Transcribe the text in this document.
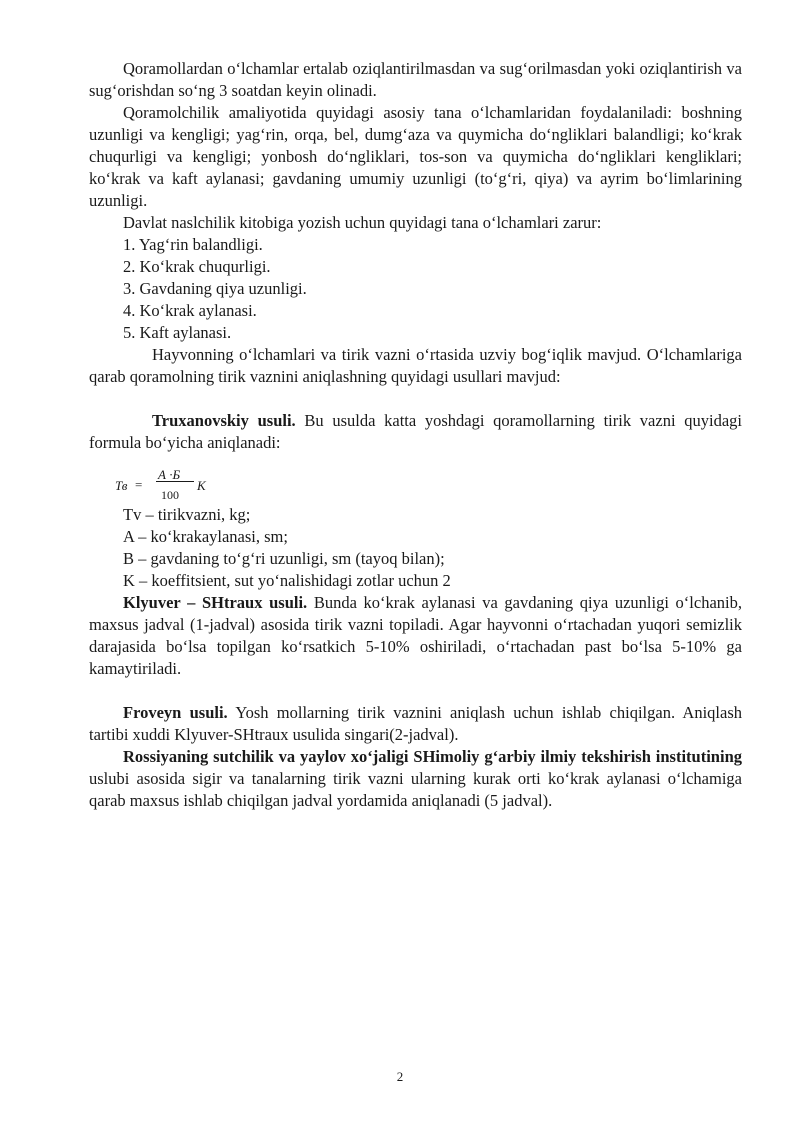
Qoramollardan oʻlchamlar ertalab oziqlantirilmasdan va sugʻorilmasdan yoki oziqlantirish va sugʻorishdan soʻng 3 soatdan keyin olinadi.

Qoramolchilik amaliyotida quyidagi asosiy tana oʻlchamlaridan foydalaniladi: boshning uzunligi va kengligi; yagʻrin, orqa, bel, dumgʻaza va quymicha doʻngliklari balandligi; koʻkrak chuqurligi va kengligi; yonbosh doʻngliklari, tos-son va quymicha doʻngliklari kengliklari; koʻkrak va kaft aylanasi; gavdaning umumiy uzunligi (toʻgʻri, qiya) va ayrim boʻlimlarining uzunligi.

Davlat naslchilik kitobiga yozish uchun quyidagi tana oʻlchamlari zarur:

1. Yagʻrin balandligi.

2. Koʻkrak chuqurligi.

3. Gavdaning qiya uzunligi.

4. Koʻkrak aylanasi.

5. Kaft aylanasi.

Hayvonning oʻlchamlari va tirik vazni oʻrtasida uzviy bogʻiqlik mavjud. Oʻlchamlariga qarab qoramolning tirik vaznini aniqlashning quyidagi usullari mavjud:

Truxanovskiy usuli. Bu usulda katta yoshdagi qoramollarning tirik vazni quyidagi formula boʻyicha aniqlanadi:

Тв =
А ·Б
100
К

Tv – tirikvazni, kg;

A – koʻkrakaylanasi, sm;

B – gavdaning toʻgʻri uzunligi, sm (tayoq bilan);

K – koeffitsient, sut yoʻnalishidagi zotlar uchun 2

Klyuver – SHtraux usuli. Bunda koʻkrak aylanasi va gavdaning qiya uzunligi oʻlchanib, maxsus jadval (1-jadval) asosida tirik vazni topiladi. Agar hayvonni oʻrtachadan yuqori semizlik darajasida boʻlsa topilgan koʻrsatkich 5-10% oshiriladi, oʻrtachadan past boʻlsa 5-10% ga kamaytiriladi.

Froveyn usuli. Yosh mollarning tirik vaznini aniqlash uchun ishlab chiqilgan. Aniqlash tartibi xuddi Klyuver-SHtraux usulida singari(2-jadval).

Rossiyaning sutchilik va yaylov xoʻjaligi SHimoliy gʻarbiy ilmiy tekshirish institutining uslubi asosida sigir va tanalarning tirik vazni ularning kurak orti koʻkrak aylanasi oʻlchamiga qarab maxsus ishlab chiqilgan jadval yordamida aniqlanadi (5 jadval).

2
